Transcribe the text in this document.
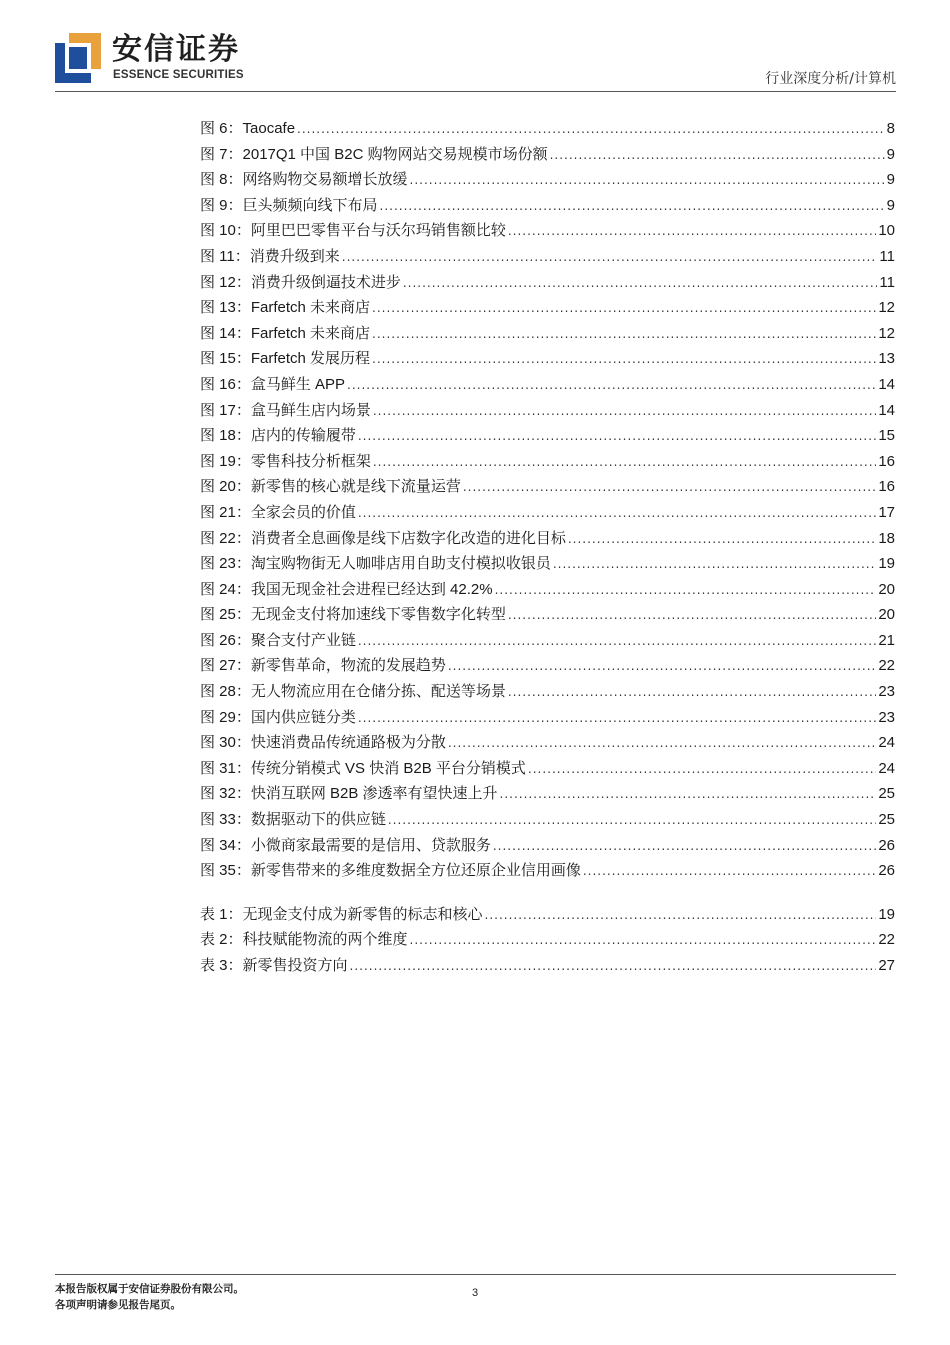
安信证券
ESSENCE SECURITIES	行业深度分析/计算机
图 6：Taocafe .....	8
图 7：2017Q1 中国 B2C 购物网站交易规模市场份额 .....	9
图 8：网络购物交易额增长放缓 .....	9
图 9：巨头频频向线下布局 .....	9
图 10：阿里巴巴零售平台与沃尔玛销售额比较 .....	10
图 11：消费升级到来 .....	11
图 12：消费升级倒逼技术进步 .....	11
图 13：Farfetch 未来商店 .....	12
图 14：Farfetch 未来商店 .....	12
图 15：Farfetch 发展历程 .....	13
图 16：盒马鲜生 APP .....	14
图 17：盒马鲜生店内场景 .....	14
图 18：店内的传输履带 .....	15
图 19：零售科技分析框架 .....	16
图 20：新零售的核心就是线下流量运营 .....	16
图 21：全家会员的价值 .....	17
图 22：消费者全息画像是线下店数字化改造的进化目标 .....	18
图 23：淘宝购物街无人咖啡店用自助支付模拟收银员 .....	19
图 24：我国无现金社会进程已经达到 42.2% .....	20
图 25：无现金支付将加速线下零售数字化转型 .....	20
图 26：聚合支付产业链 .....	21
图 27：新零售革命，物流的发展趋势 .....	22
图 28：无人物流应用在仓储分拣、配送等场景 .....	23
图 29：国内供应链分类 .....	23
图 30：快速消费品传统通路极为分散 .....	24
图 31：传统分销模式 VS 快消 B2B 平台分销模式 .....	24
图 32：快消互联网 B2B 渗透率有望快速上升 .....	25
图 33：数据驱动下的供应链 .....	25
图 34：小微商家最需要的是信用、贷款服务 .....	26
图 35：新零售带来的多维度数据全方位还原企业信用画像 .....	26
表 1：无现金支付成为新零售的标志和核心 .....	19
表 2：科技赋能物流的两个维度 .....	22
表 3：新零售投资方向 .....	27
本报告版权属于安信证券股份有限公司。
各项声明请参见报告尾页。
3
